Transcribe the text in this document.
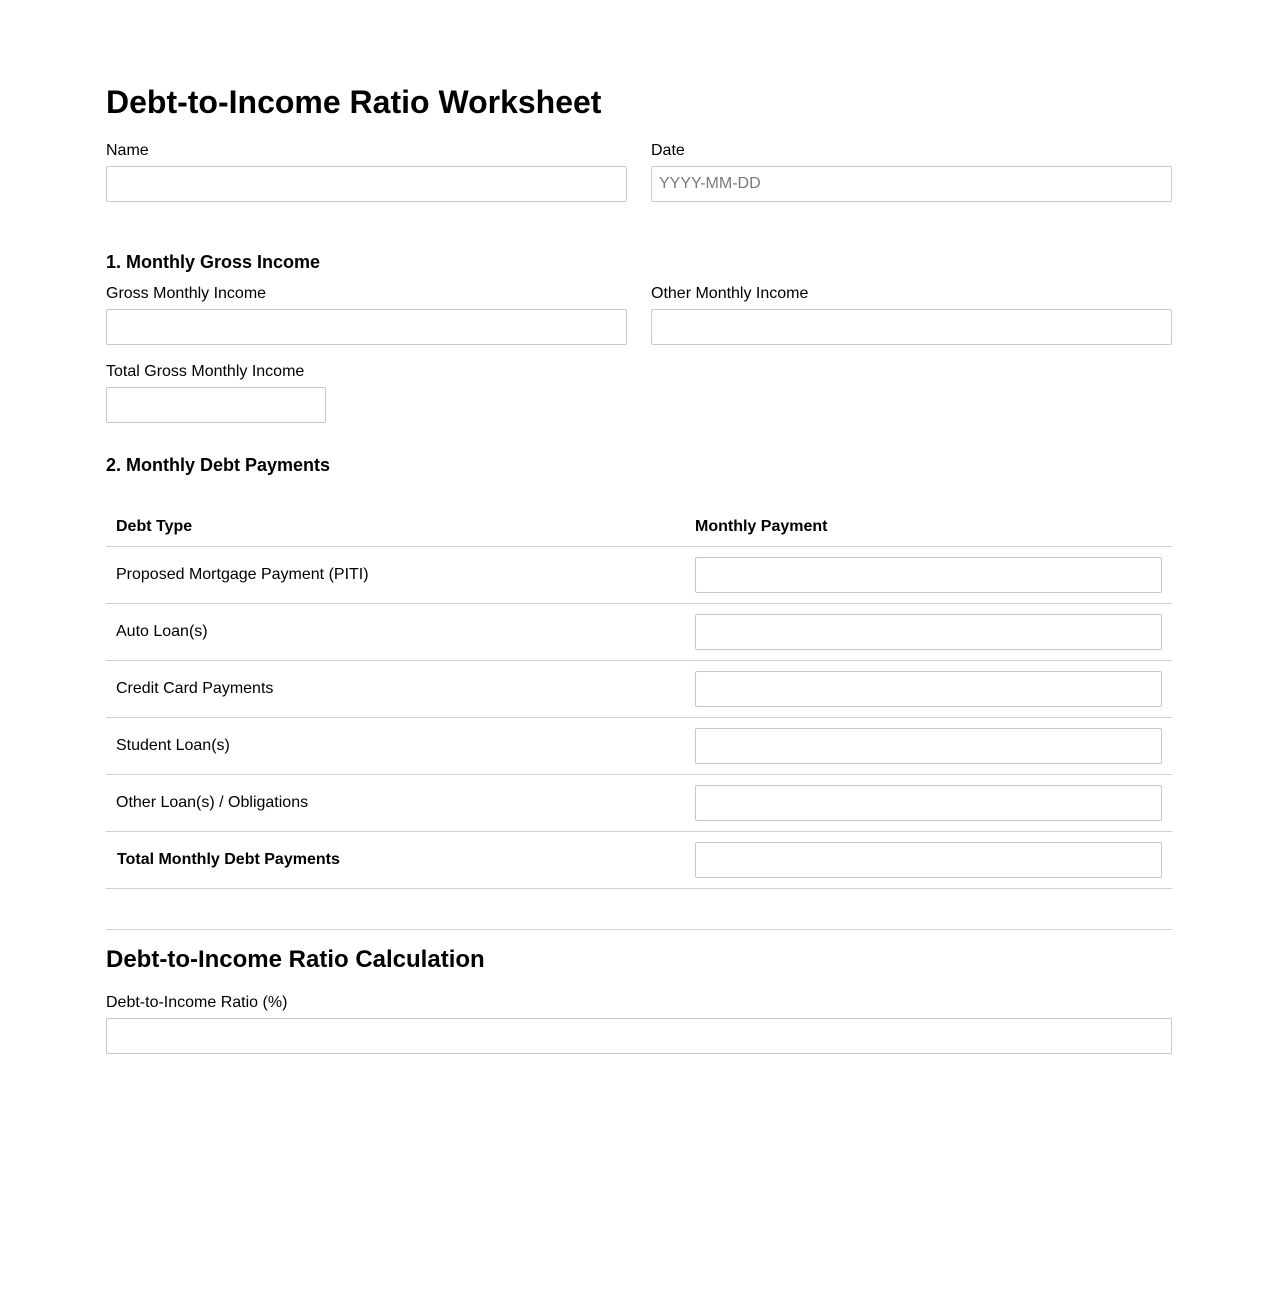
Debt-to-Income Ratio Worksheet
Name	Date
YYYY-MM-DD
1. Monthly Gross Income
Gross Monthly Income	Other Monthly Income
Total Gross Monthly Income
2. Monthly Debt Payments
Debt Type	Monthly Payment
Proposed Mortgage Payment (PITI)
Auto Loan(s)
Credit Card Payments
Student Loan(s)
Other Loan(s) / Obligations
Total Monthly Debt Payments
Debt-to-Income Ratio Calculation
Debt-to-Income Ratio (%)
